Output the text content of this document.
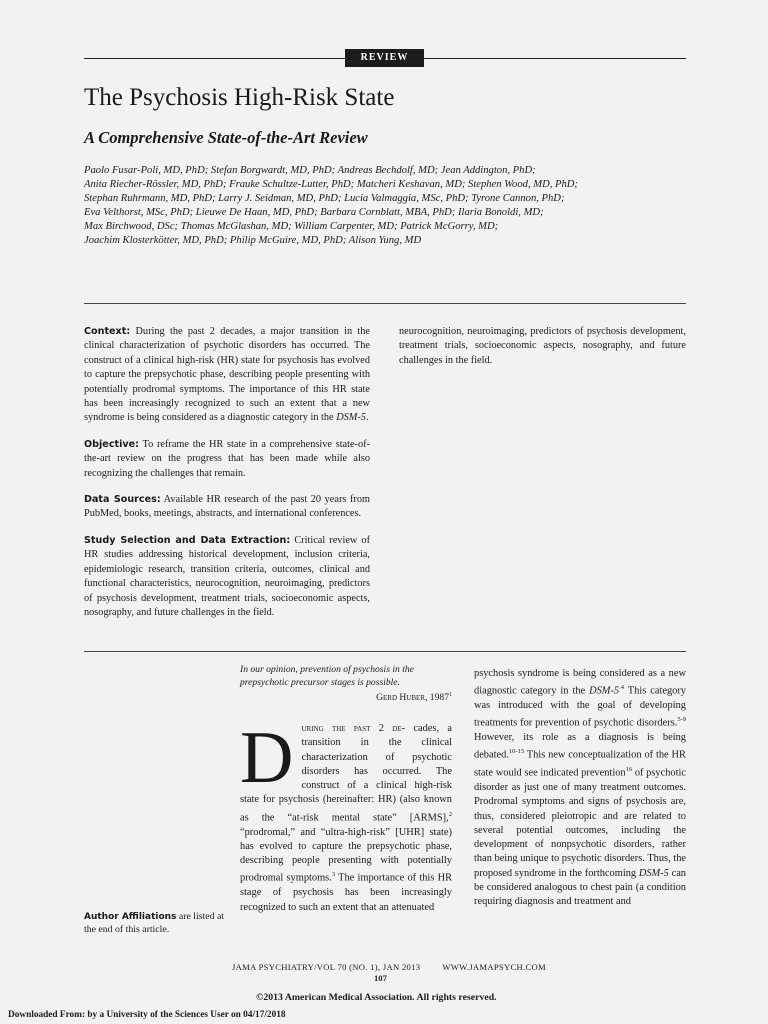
REVIEW
The Psychosis High-Risk State
A Comprehensive State-of-the-Art Review
Paolo Fusar-Poli, MD, PhD; Stefan Borgwardt, MD, PhD; Andreas Bechdolf, MD; Jean Addington, PhD;
Anita Riecher-Rössler, MD, PhD; Frauke Schultze-Lutter, PhD; Matcheri Keshavan, MD; Stephen Wood, MD, PhD;
Stephan Ruhrmann, MD, PhD; Larry J. Seidman, MD, PhD; Lucia Valmaggia, MSc, PhD; Tyrone Cannon, PhD;
Eva Velthorst, MSc, PhD; Lieuwe De Haan, MD, PhD; Barbara Cornblatt, MBA, PhD; Ilaria Bonoldi, MD;
Max Birchwood, DSc; Thomas McGlashan, MD; William Carpenter, MD; Patrick McGorry, MD;
Joachim Klosterkötter, MD, PhD; Philip McGuire, MD, PhD; Alison Yung, MD

Context: During the past 2 decades, a major transition in the clinical characterization of psychotic disorders has occurred. The construct of a clinical high-risk (HR) state for psychosis has evolved to capture the prepsychotic phase, describing people presenting with potentially prodromal symptoms. The importance of this HR state has been increasingly recognized to such an extent that a new syndrome is being considered as a diagnostic category in the DSM-5.

Objective: To reframe the HR state in a comprehensive state-of-the-art review on the progress that has been made while also recognizing the challenges that remain.

Data Sources: Available HR research of the past 20 years from PubMed, books, meetings, abstracts, and international conferences.

Study Selection and Data Extraction: Critical review of HR studies addressing historical development, inclusion criteria, epidemiologic research, transition criteria, outcomes, clinical and functional characteristics, neurocognition, neuroimaging, predictors of psychosis development, treatment trials, socioeconomic aspects, nosography, and future challenges in the field.

In our opinion, prevention of psychosis in the prepsychotic precursor stages is possible.
Gerd Huber, 1987$^1$
During the past 2 de- cades, a transition in the clinical characterization of psychotic disorders has occurred. The construct of a clinical high-risk state for psychosis (hereinafter: HR) (also known as the “at-risk mental state” [ARMS],$^2$ “prodromal,” and “ultra-high-risk” [UHR] state) has evolved to capture the prepsychotic phase, describing people presenting with potentially prodromal symptoms.$^3$ The importance of this HR stage of psychosis has been increasingly recognized to such an extent that an attenuated
psychosis syndrome is being considered as a new diagnostic category in the DSM-$5^{.4}$ This category was introduced with the goal of developing treatments for prevention of psychotic disorders.$^{5-9}$ However, its role as a diagnosis is being debated.$^{10-15}$ This new conceptualization of the HR state would see indicated prevention$^{16}$ of psychotic disorder as just one of many treatment outcomes. Prodromal symptoms and signs of psychosis are, thus, considered pleiotropic and are related to several potential outcomes, including the development of nonpsychotic disorders, rather than being unique to psychotic disorders. Thus, the proposed syndrome in the forthcoming DSM-5 can be considered analogous to chest pain (a condition requiring diagnosis and treatment and
Author Affiliations are listed at the end of this article.
JAMA PSYCHIATRY/VOL 70 (NO. 1), JAN 2013	WWW.JAMAPSYCH.COM
107
©2013 American Medical Association. All rights reserved.
Downloaded From: by a University of the Sciences User on 04/17/2018

neurocognition, neuroimaging, predictors of psychosis development, treatment trials, socioeconomic aspects, nosography, and future challenges in the field.
